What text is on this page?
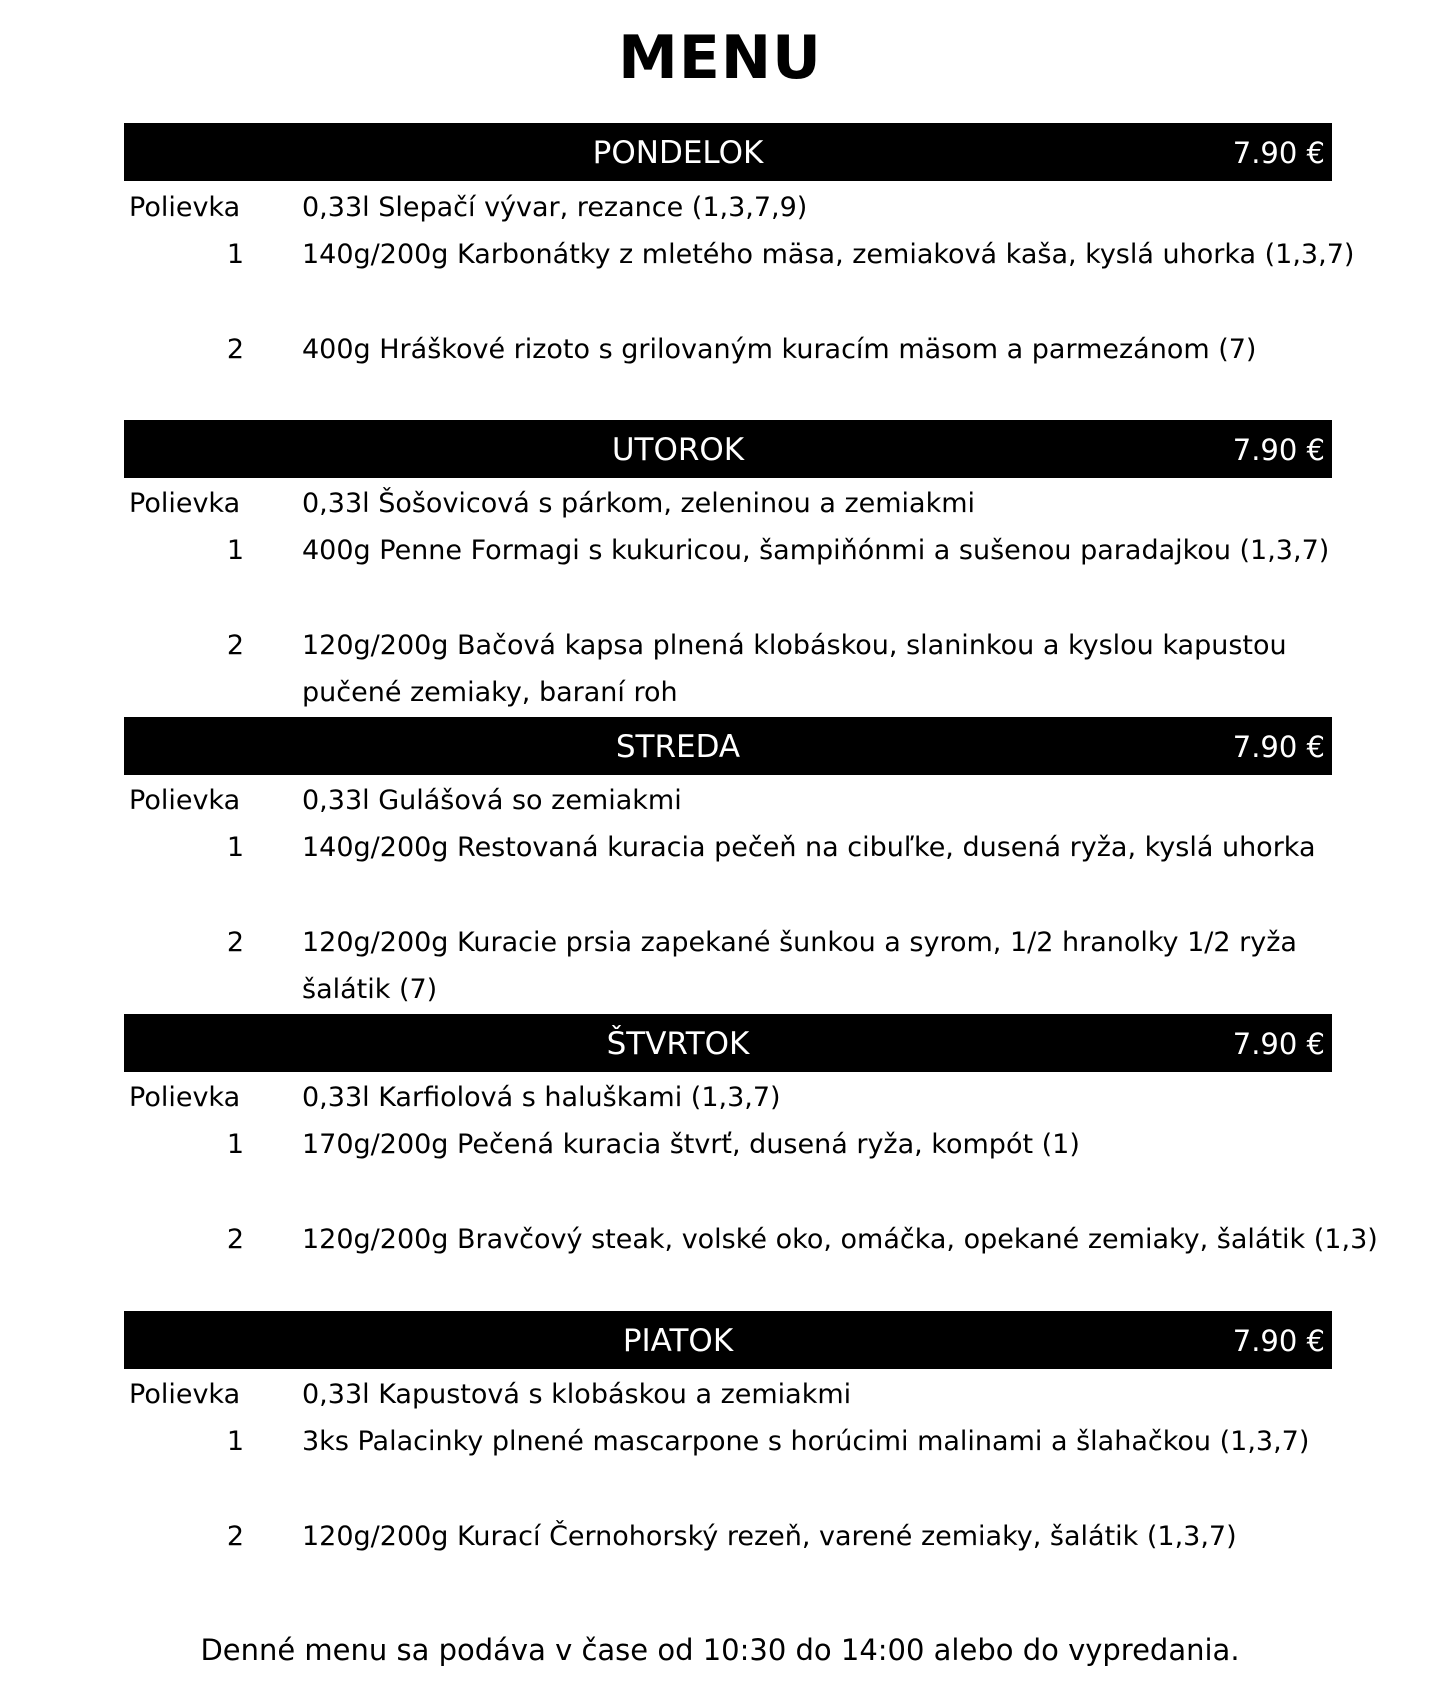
MENU
PONDELOK	7.90 €
Polievka 0,33l Slepačí vývar, rezance (1,3,7,9)
1 140g/200g Karbonátky z mletého mäsa, zemiaková kaša, kyslá uhorka (1,3,7)
2 400g Hráškové rizoto s grilovaným kuracím mäsom a parmezánom (7)
UTOROK	7.90 €
Polievka 0,33l Šošovicová s párkom, zeleninou a zemiakmi
1 400g Penne Formagi s kukuricou, šampiňónmi a sušenou paradajkou (1,3,7)
2 120g/200g Bačová kapsa plnená klobáskou, slaninkou a kyslou kapustou
pučené zemiaky, baraní roh
STREDA	7.90 €
Polievka 0,33l Gulášová so zemiakmi
1 140g/200g Restovaná kuracia pečeň na cibuľke, dusená ryža, kyslá uhorka
2 120g/200g Kuracie prsia zapekané šunkou a syrom, 1/2 hranolky 1/2 ryža
šalátik (7)
ŠTVRTOK	7.90 €
Polievka 0,33l Karfiolová s haluškami (1,3,7)
1 170g/200g Pečená kuracia štvrť, dusená ryža, kompót (1)
2 120g/200g Bravčový steak, volské oko, omáčka, opekané zemiaky, šalátik (1,3)
PIATOK	7.90 €
Polievka 0,33l Kapustová s klobáskou a zemiakmi
1 3ks Palacinky plnené mascarpone s horúcimi malinami a šlahačkou (1,3,7)
2 120g/200g Kurací Černohorský rezeň, varené zemiaky, šalátik (1,3,7)
Denné menu sa podáva v čase od 10:30 do 14:00 alebo do vypredania.
